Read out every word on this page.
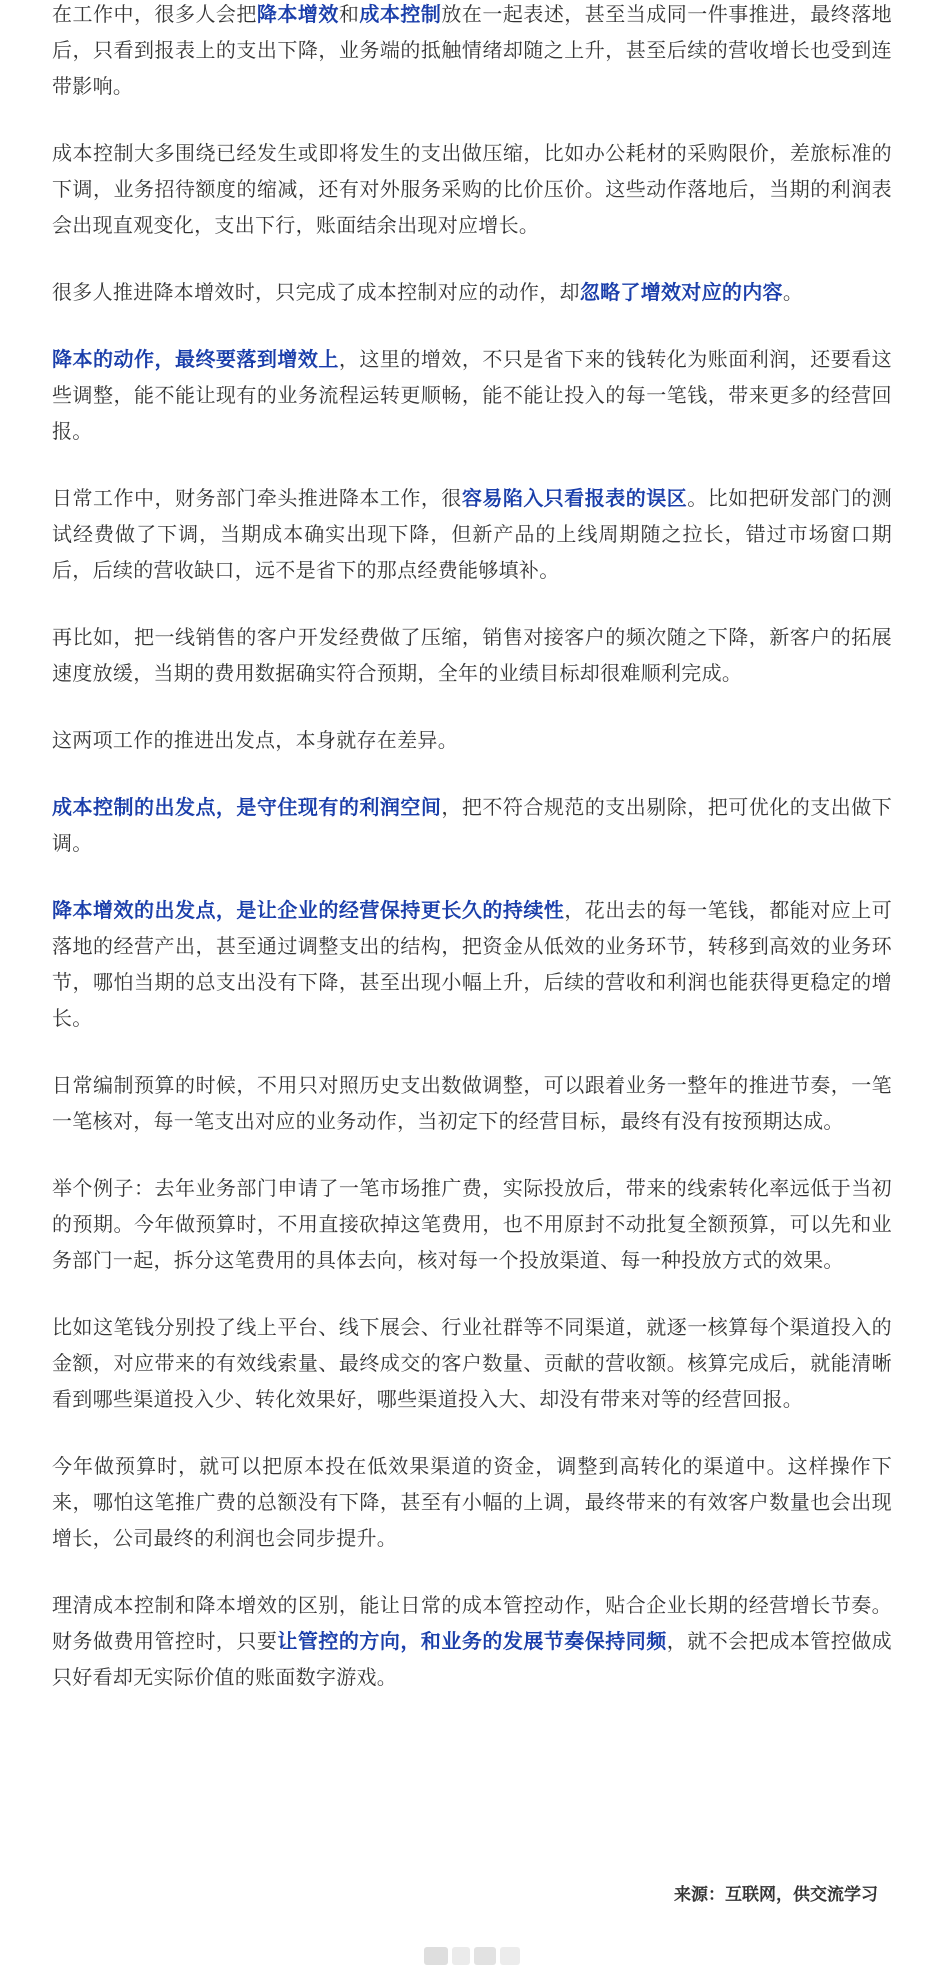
在工作中，很多人会把降本增效和成本控制放在一起表述，甚至当成同一件事推进，最终落地后，只看到报表上的支出下降，业务端的抵触情绪却随之上升，甚至后续的营收增长也受到连带影响。

成本控制大多围绕已经发生或即将发生的支出做压缩，比如办公耗材的采购限价，差旅标准的下调，业务招待额度的缩减，还有对外服务采购的比价压价。这些动作落地后，当期的利润表会出现直观变化，支出下行，账面结余出现对应增长。

很多人推进降本增效时，只完成了成本控制对应的动作，却忽略了增效对应的内容。

降本的动作，最终要落到增效上，这里的增效，不只是省下来的钱转化为账面利润，还要看这些调整，能不能让现有的业务流程运转更顺畅，能不能让投入的每一笔钱，带来更多的经营回报。

日常工作中，财务部门牵头推进降本工作，很容易陷入只看报表的误区。比如把研发部门的测试经费做了下调，当期成本确实出现下降，但新产品的上线周期随之拉长，错过市场窗口期后，后续的营收缺口，远不是省下的那点经费能够填补。

再比如，把一线销售的客户开发经费做了压缩，销售对接客户的频次随之下降，新客户的拓展速度放缓，当期的费用数据确实符合预期，全年的业绩目标却很难顺利完成。

这两项工作的推进出发点，本身就存在差异。

成本控制的出发点，是守住现有的利润空间，把不符合规范的支出剔除，把可优化的支出做下调。

降本增效的出发点，是让企业的经营保持更长久的持续性，花出去的每一笔钱，都能对应上可落地的经营产出，甚至通过调整支出的结构，把资金从低效的业务环节，转移到高效的业务环节，哪怕当期的总支出没有下降，甚至出现小幅上升，后续的营收和利润也能获得更稳定的增长。

日常编制预算的时候，不用只对照历史支出数做调整，可以跟着业务一整年的推进节奏，一笔一笔核对，每一笔支出对应的业务动作，当初定下的经营目标，最终有没有按预期达成。

举个例子：去年业务部门申请了一笔市场推广费，实际投放后，带来的线索转化率远低于当初的预期。今年做预算时，不用直接砍掉这笔费用，也不用原封不动批复全额预算，可以先和业务部门一起，拆分这笔费用的具体去向，核对每一个投放渠道、每一种投放方式的效果。

比如这笔钱分别投了线上平台、线下展会、行业社群等不同渠道，就逐一核算每个渠道投入的金额，对应带来的有效线索量、最终成交的客户数量、贡献的营收额。核算完成后，就能清晰看到哪些渠道投入少、转化效果好，哪些渠道投入大、却没有带来对等的经营回报。

今年做预算时，就可以把原本投在低效果渠道的资金，调整到高转化的渠道中。这样操作下来，哪怕这笔推广费的总额没有下降，甚至有小幅的上调，最终带来的有效客户数量也会出现增长，公司最终的利润也会同步提升。

理清成本控制和降本增效的区别，能让日常的成本管控动作，贴合企业长期的经营增长节奏。财务做费用管控时，只要让管控的方向，和业务的发展节奏保持同频，就不会把成本管控做成只好看却无实际价值的账面数字游戏。

来源：互联网，供交流学习
